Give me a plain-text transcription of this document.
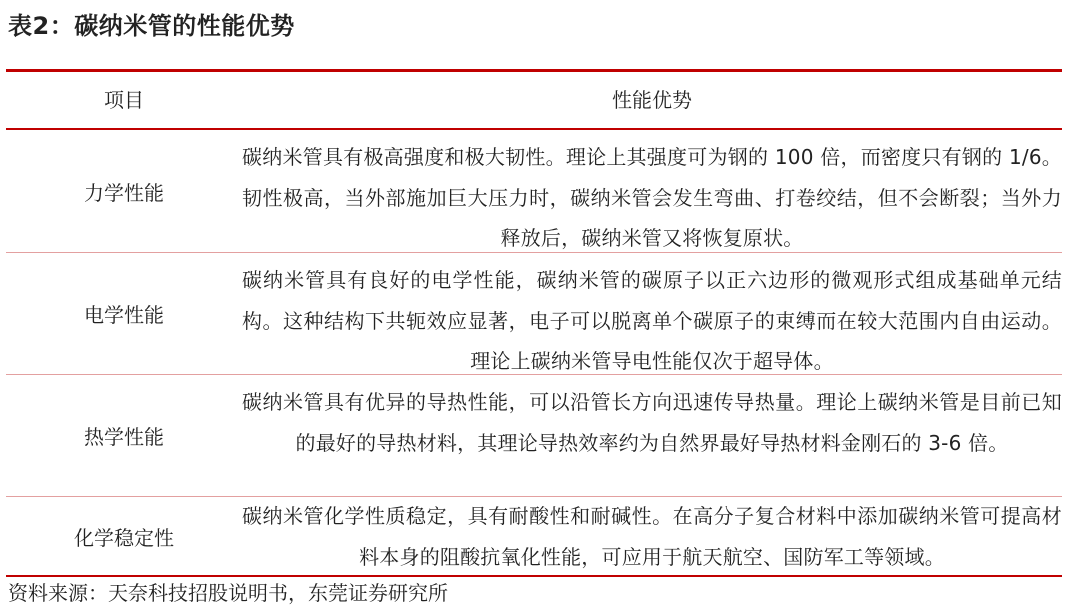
表2：碳纳米管的性能优势
项目	性能优势
力学性能
碳纳米管具有极高强度和极大韧性。理论上其强度可为钢的 100 倍，而密度只有钢的 1/6。韧性极高，当外部施加巨大压力时，碳纳米管会发生弯曲、打卷绞结，但不会断裂；当外力释放后，碳纳米管又将恢复原状。
电学性能
碳纳米管具有良好的电学性能，碳纳米管的碳原子以正六边形的微观形式组成基础单元结构。这种结构下共轭效应显著，电子可以脱离单个碳原子的束缚而在较大范围内自由运动。理论上碳纳米管导电性能仅次于超导体。
热学性能
碳纳米管具有优异的导热性能，可以沿管长方向迅速传导热量。理论上碳纳米管是目前已知的最好的导热材料，其理论导热效率约为自然界最好导热材料金刚石的 3-6 倍。
化学稳定性
碳纳米管化学性质稳定，具有耐酸性和耐碱性。在高分子复合材料中添加碳纳米管可提高材料本身的阻酸抗氧化性能，可应用于航天航空、国防军工等领域。
资料来源：天奈科技招股说明书，东莞证券研究所
